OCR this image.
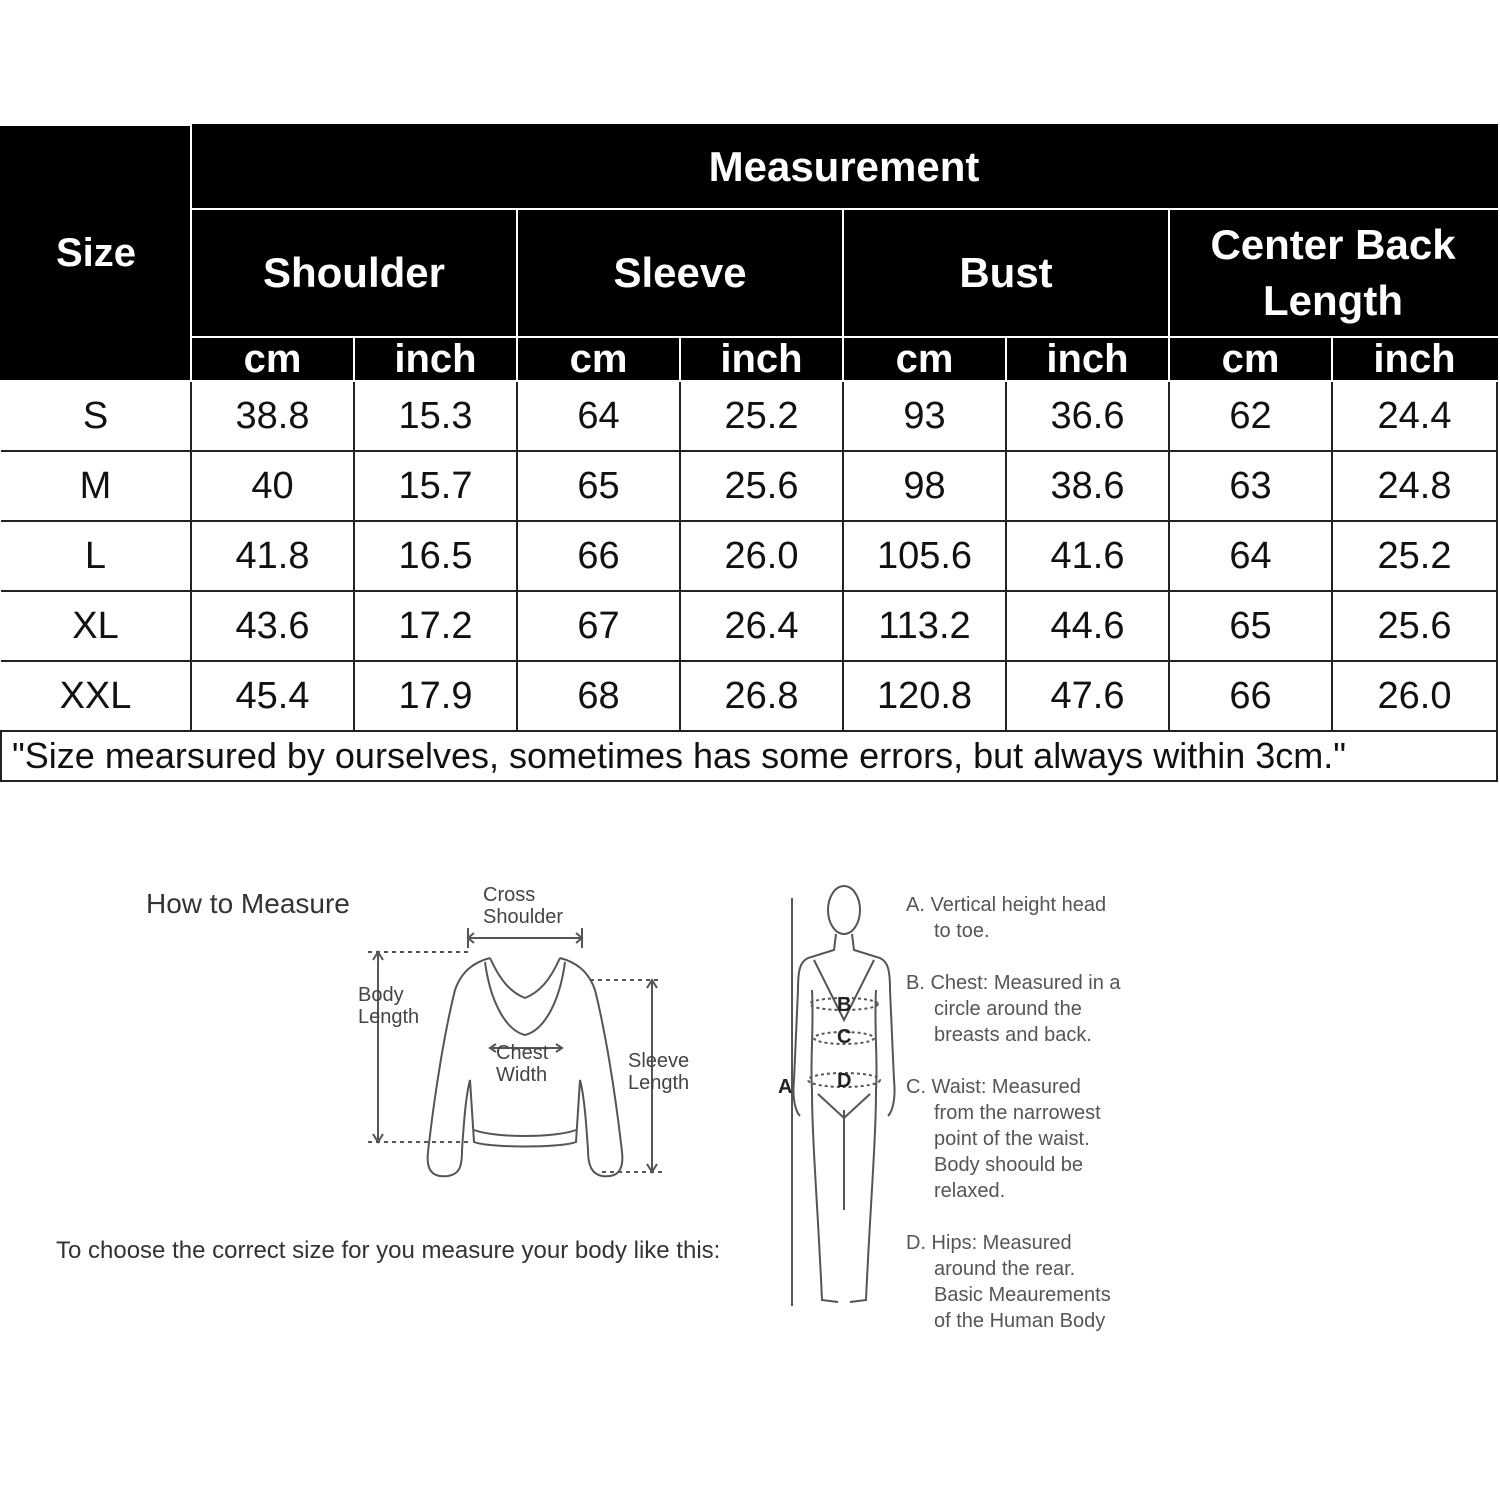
Size	Measurement							
	Shoulder		Sleeve		Bust		Center Back
Length	
	cm	inch	cm	inch	cm	inch	cm	inch
S	38.8	15.3	64	25.2	93	36.6	62	24.4
M	40	15.7	65	25.6	98	38.6	63	24.8
L	41.8	16.5	66	26.0	105.6	41.6	64	25.2
XL	43.6	17.2	67	26.4	113.2	44.6	65	25.6
XXL	45.4	17.9	68	26.8	120.8	47.6	66	26.0
"Size mearsured by ourselves, sometimes has some errors, but always within 3cm."								
How to Measure	Cross
Shoulder
Body
Length
Chest
Width
Sleeve
Length
To choose the correct size for you measure your body like this:
A
B
C
D
A. Vertical height head
to toe.
B. Chest: Measured in a
circle around the
breasts and back.
C. Waist: Measured
from the narrowest
point of the waist.
Body shoould be
relaxed.
D. Hips: Measured
around the rear.
Basic Meaurements
of the Human Body
